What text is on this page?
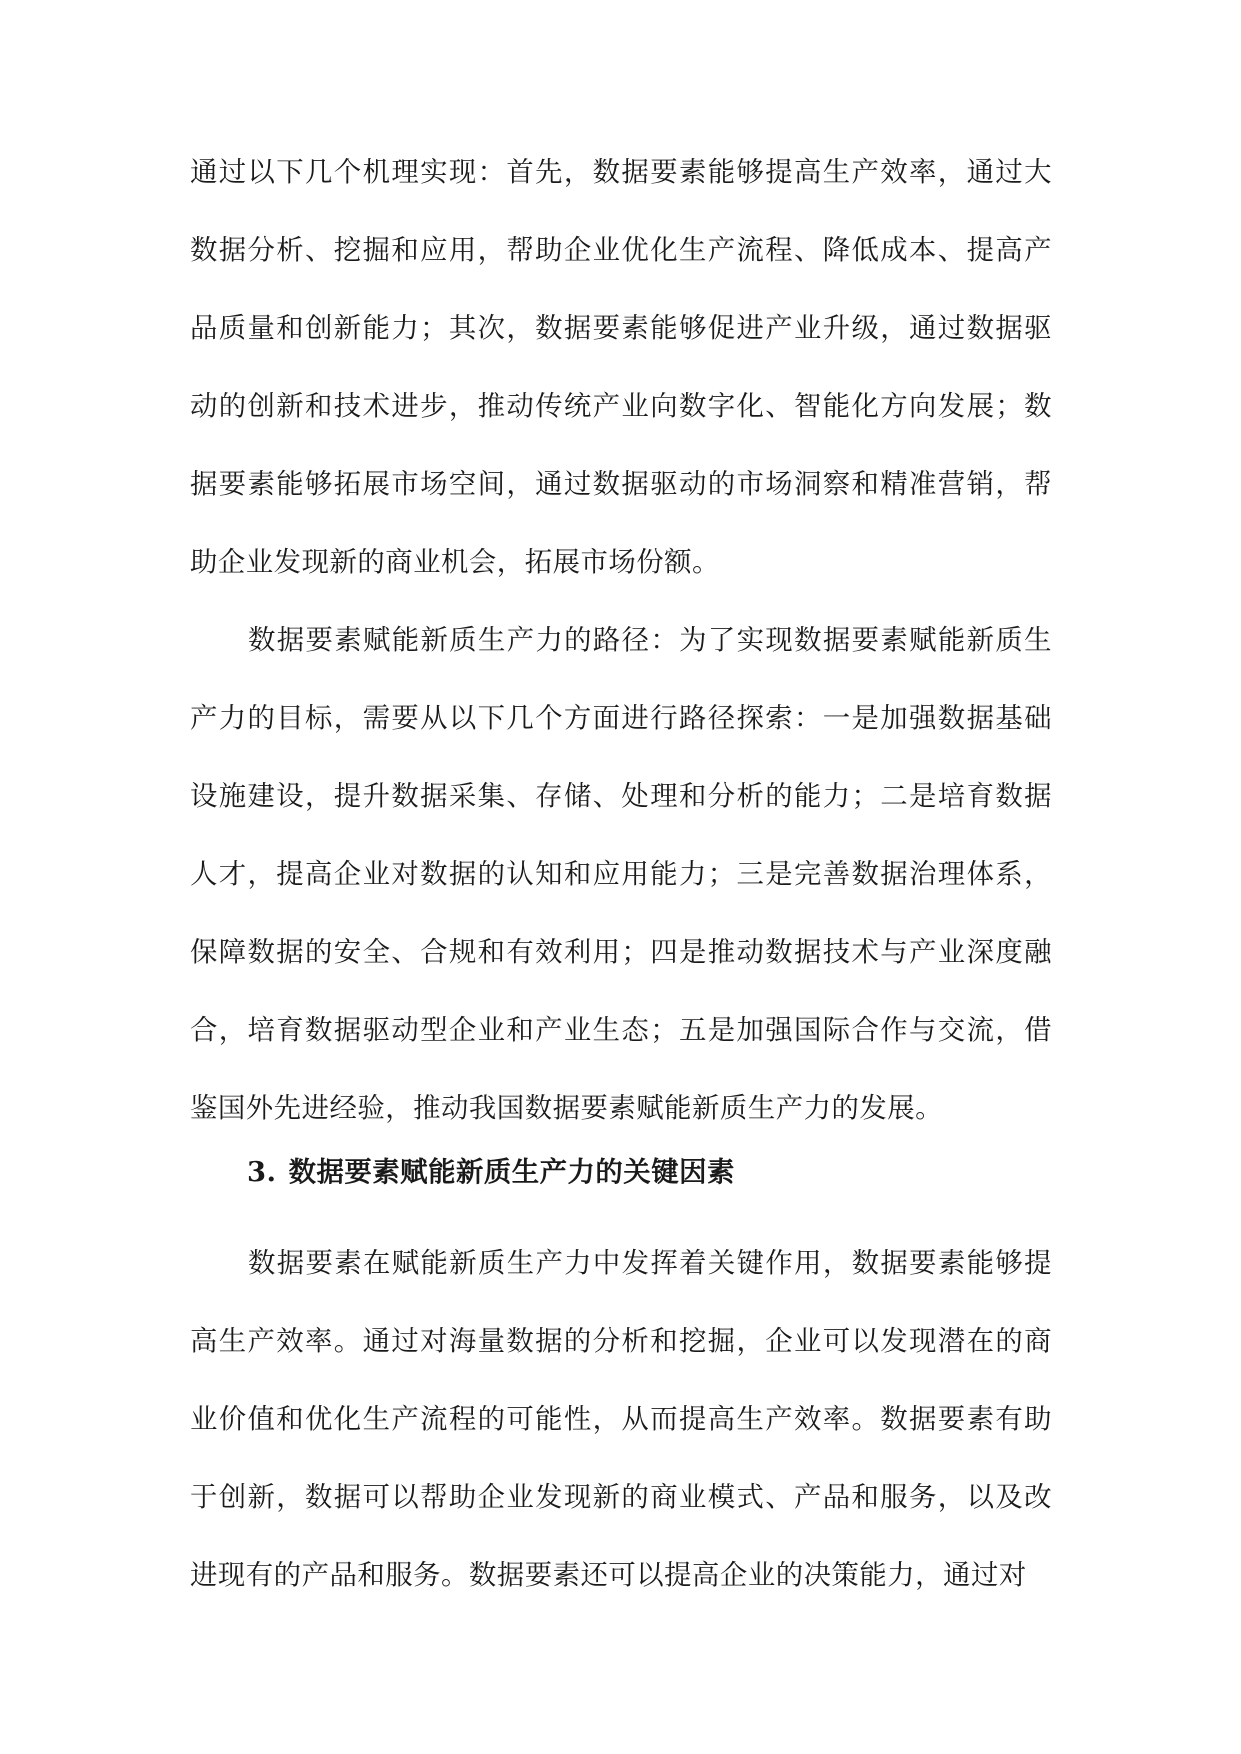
通过以下几个机理实现：首先，数据要素能够提高生产效率，通过大数据分析、挖掘和应用，帮助企业优化生产流程、降低成本、提高产品质量和创新能力；其次，数据要素能够促进产业升级，通过数据驱动的创新和技术进步，推动传统产业向数字化、智能化方向发展；数据要素能够拓展市场空间，通过数据驱动的市场洞察和精准营销，帮助企业发现新的商业机会，拓展市场份额。

数据要素赋能新质生产力的路径：为了实现数据要素赋能新质生产力的目标，需要从以下几个方面进行路径探索：一是加强数据基础设施建设，提升数据采集、存储、处理和分析的能力；二是培育数据人才，提高企业对数据的认知和应用能力；三是完善数据治理体系，保障数据的安全、合规和有效利用；四是推动数据技术与产业深度融合，培育数据驱动型企业和产业生态；五是加强国际合作与交流，借鉴国外先进经验，推动我国数据要素赋能新质生产力的发展。

3. 数据要素赋能新质生产力的关键因素

数据要素在赋能新质生产力中发挥着关键作用，数据要素能够提高生产效率。通过对海量数据的分析和挖掘，企业可以发现潜在的商业价值和优化生产流程的可能性，从而提高生产效率。数据要素有助于创新，数据可以帮助企业发现新的商业模式、产品和服务，以及改进现有的产品和服务。数据要素还可以提高企业的决策能力，通过对
